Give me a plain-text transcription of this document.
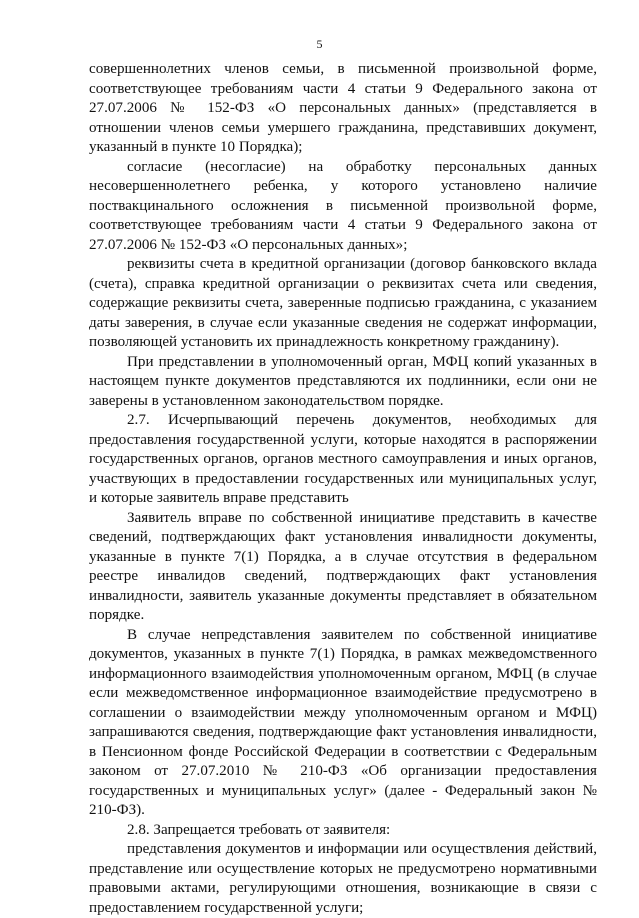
5

совершеннолетних членов семьи, в письменной произвольной форме, соответствующее требованиям части 4 статьи 9 Федерального закона от 27.07.2006 № 152-ФЗ «О персональных данных» (представляется в отношении членов семьи умершего гражданина, представивших документ, указанный в пункте 10 Порядка);

согласие (несогласие) на обработку персональных данных несовершеннолетнего ребенка, у которого установлено наличие поствакцинального осложнения в письменной произвольной форме, соответствующее требованиям части 4 статьи 9 Федерального закона от 27.07.2006 № 152-ФЗ «О персональных данных»;

реквизиты счета в кредитной организации (договор банковского вклада (счета), справка кредитной организации о реквизитах счета или сведения, содержащие реквизиты счета, заверенные подписью гражданина, с указанием даты заверения, в случае если указанные сведения не содержат информации, позволяющей установить их принадлежность конкретному гражданину).

При представлении в уполномоченный орган, МФЦ копий указанных в настоящем пункте документов представляются их подлинники, если они не заверены в установленном законодательством порядке.

2.7. Исчерпывающий перечень документов, необходимых для предоставления государственной услуги, которые находятся в распоряжении государственных органов, органов местного самоуправления и иных органов, участвующих в предоставлении государственных или муниципальных услуг, и которые заявитель вправе представить

Заявитель вправе по собственной инициативе представить в качестве сведений, подтверждающих факт установления инвалидности документы, указанные в пункте 7(1) Порядка, а в случае отсутствия в федеральном реестре инвалидов сведений, подтверждающих факт установления инвалидности, заявитель указанные документы представляет в обязательном порядке.

В случае непредставления заявителем по собственной инициативе документов, указанных в пункте 7(1) Порядка, в рамках межведомственного информационного взаимодействия уполномоченным органом, МФЦ (в случае если межведомственное информационное взаимодействие предусмотрено в соглашении о взаимодействии между уполномоченным органом и МФЦ) запрашиваются сведения, подтверждающие факт установления инвалидности, в Пенсионном фонде Российской Федерации в соответствии с Федеральным законом от 27.07.2010 № 210-ФЗ «Об организации предоставления государственных и муниципальных услуг» (далее - Федеральный закон № 210-ФЗ).

2.8. Запрещается требовать от заявителя:

представления документов и информации или осуществления действий, представление или осуществление которых не предусмотрено нормативными правовыми актами, регулирующими отношения, возникающие в связи с предоставлением государственной услуги;
